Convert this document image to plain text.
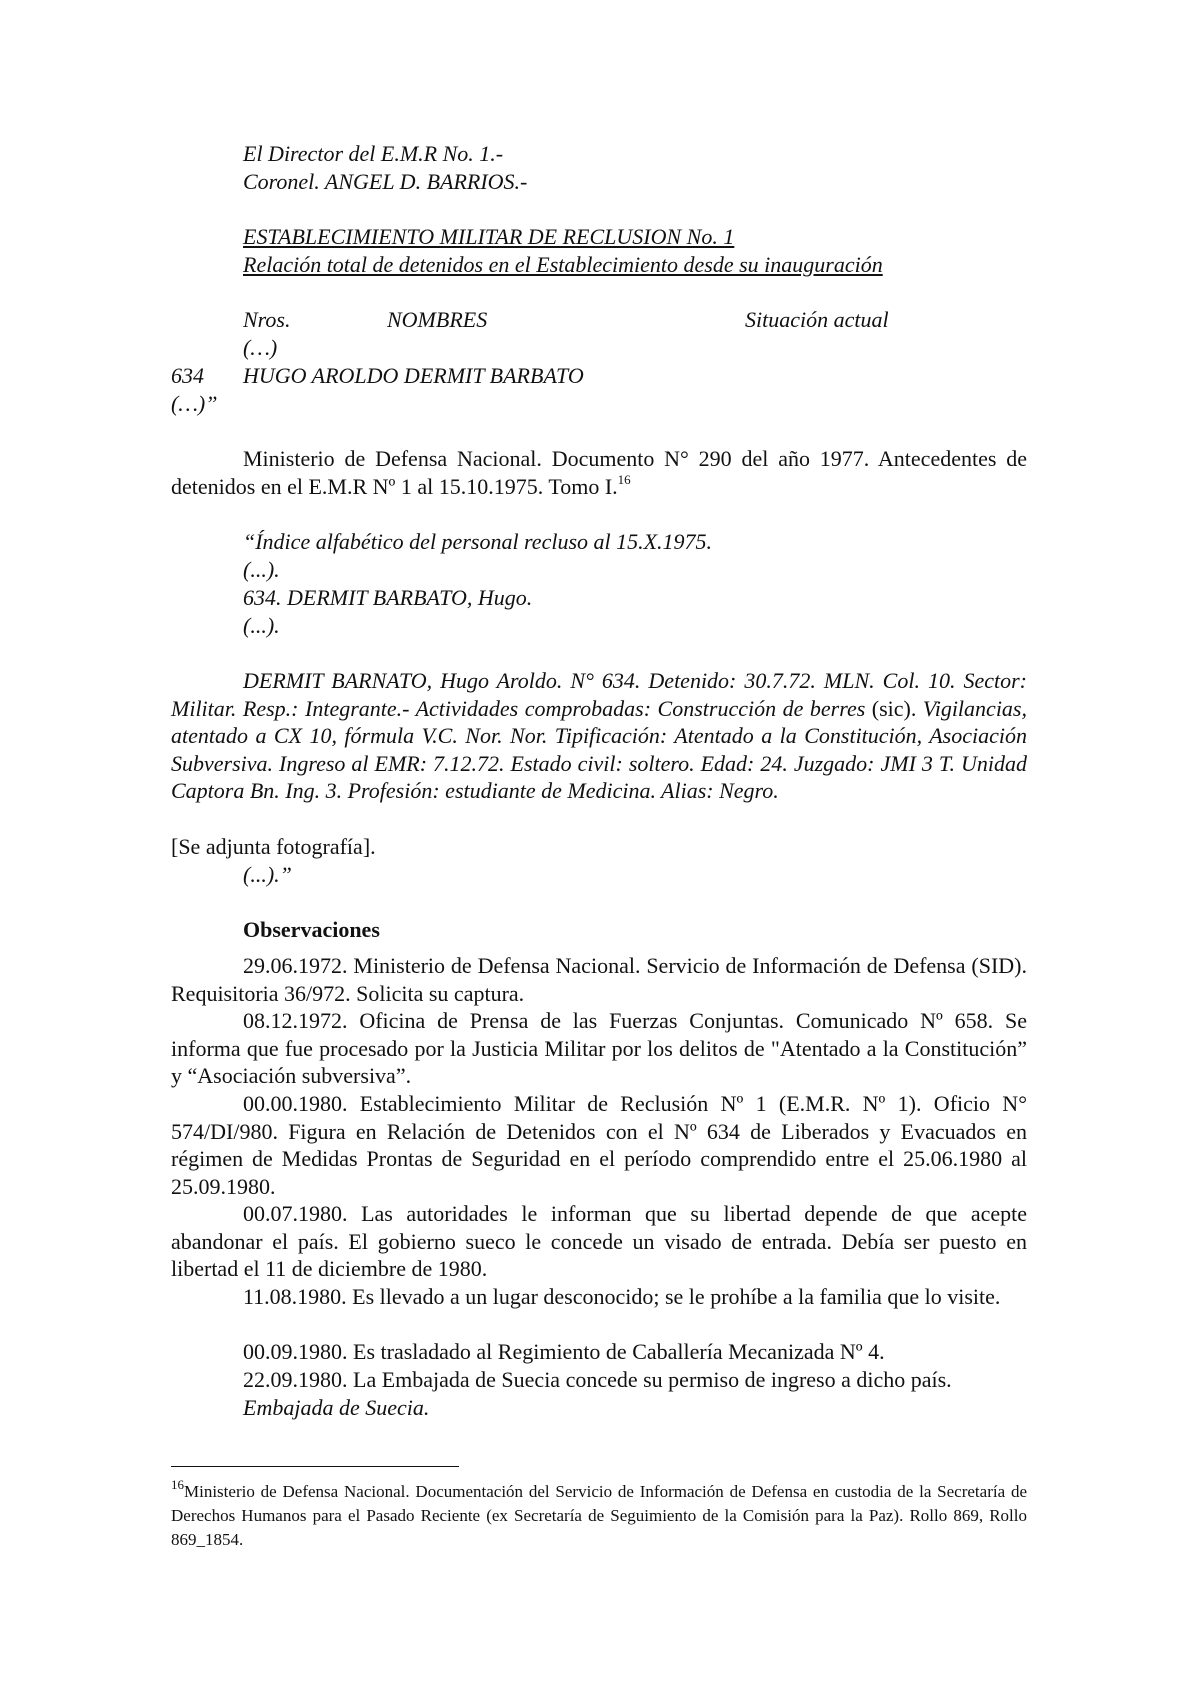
El Director del E.M.R No. 1.-
Coronel. ANGEL D. BARRIOS.-
ESTABLECIMIENTO MILITAR DE RECLUSION No. 1
Relación total de detenidos en el Establecimiento desde su inauguración
Nros.	NOMBRES	Situación actual
(…)
634 HUGO AROLDO DERMIT BARBATO
(…)”
Ministerio de Defensa Nacional. Documento N° 290 del año 1977. Antecedentes de detenidos en el E.M.R Nº 1 al 15.10.1975. Tomo I.$^{16}$
“Índice alfabético del personal recluso al 15.X.1975.
(...).
634. DERMIT BARBATO, Hugo.
(...).
DERMIT BARNATO, Hugo Aroldo. N° 634. Detenido: 30.7.72. MLN. Col. 10. Sector: Militar. Resp.: Integrante.- Actividades comprobadas: Construcción de berres (sic). Vigilancias, atentado a CX 10, fórmula V.C. Nor. Nor. Tipificación: Atentado a la Constitución, Asociación Subversiva. Ingreso al EMR: 7.12.72. Estado civil: soltero. Edad: 24. Juzgado: JMI 3 T. Unidad Captora Bn. Ing. 3. Profesión: estudiante de Medicina. Alias: Negro.
[Se adjunta fotografía].
(...).”
Observaciones
29.06.1972. Ministerio de Defensa Nacional. Servicio de Información de Defensa (SID). Requisitoria 36/972. Solicita su captura.
08.12.1972. Oficina de Prensa de las Fuerzas Conjuntas. Comunicado Nº 658. Se informa que fue procesado por la Justicia Militar por los delitos de "Atentado a la Constitución” y “Asociación subversiva”.
00.00.1980. Establecimiento Militar de Reclusión Nº 1 (E.M.R. Nº 1). Oficio N° 574/DI/980. Figura en Relación de Detenidos con el Nº 634 de Liberados y Evacuados en régimen de Medidas Prontas de Seguridad en el período comprendido entre el 25.06.1980 al 25.09.1980.
00.07.1980. Las autoridades le informan que su libertad depende de que acepte abandonar el país. El gobierno sueco le concede un visado de entrada. Debía ser puesto en libertad el 11 de diciembre de 1980.
11.08.1980. Es llevado a un lugar desconocido; se le prohíbe a la familia que lo visite.
00.09.1980. Es trasladado al Regimiento de Caballería Mecanizada Nº 4.
22.09.1980. La Embajada de Suecia concede su permiso de ingreso a dicho país.
Embajada de Suecia.
$^{16}$Ministerio de Defensa Nacional. Documentación del Servicio de Información de Defensa en custodia de la Secretaría de Derechos Humanos para el Pasado Reciente (ex Secretaría de Seguimiento de la Comisión para la Paz). Rollo 869, Rollo 869_1854.
